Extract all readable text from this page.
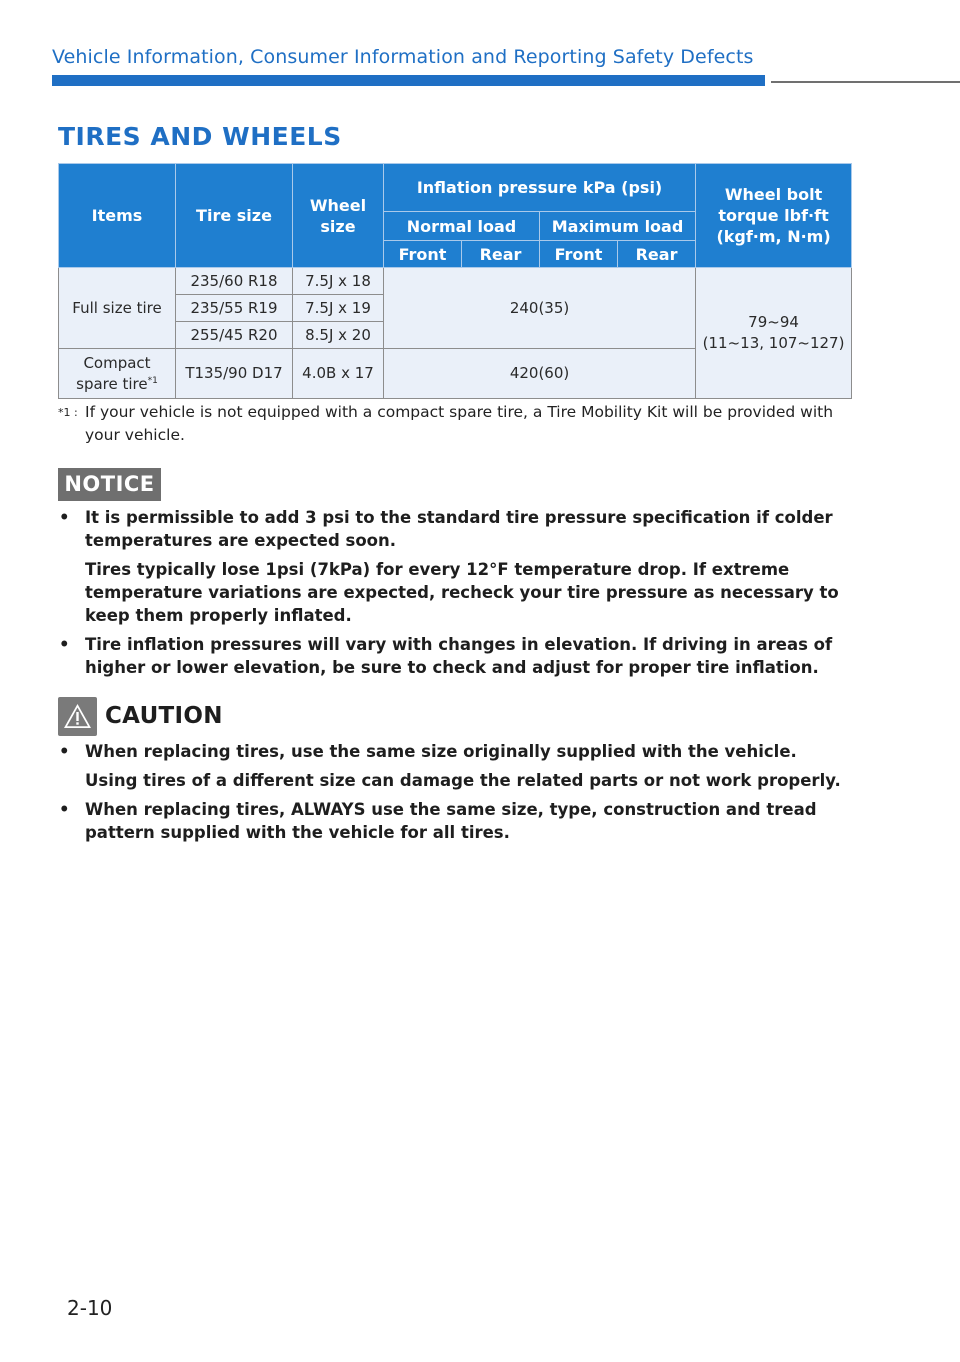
Vehicle Information, Consumer Information and Reporting Safety Defects
TIRES AND WHEELS
Items	Tire size	Wheel size	Inflation pressure kPa (psi)				Wheel bolt torque lbf·ft (kgf·m, N·m)
			Normal load		Maximum load		
			Front	Rear	Front	Rear	
Full size tire	235/60 R18	7.5J x 18	240(35)				79~94
(11~13, 107~127)
	235/55 R19	7.5J x 19					
	255/45 R20	8.5J x 20					
Compact spare tire$^{*1}$	T135/90 D17	4.0B x 17	420(60)				
*1 : If your vehicle is not equipped with a compact spare tire, a Tire Mobility Kit will be provided with your vehicle.
NOTICE
• It is permissible to add 3 psi to the standard tire pressure specification if colder temperatures are expected soon.

Tires typically lose 1psi (7kPa) for every 12°F temperature drop. If extreme temperature variations are expected, recheck your tire pressure as necessary to keep them properly inflated.

• Tire inflation pressures will vary with changes in elevation. If driving in areas of higher or lower elevation, be sure to check and adjust for proper tire inflation.

CAUTION
• When replacing tires, use the same size originally supplied with the vehicle.

Using tires of a different size can damage the related parts or not work properly.

• When replacing tires, ALWAYS use the same size, type, construction and tread pattern supplied with the vehicle for all tires.

2-10
